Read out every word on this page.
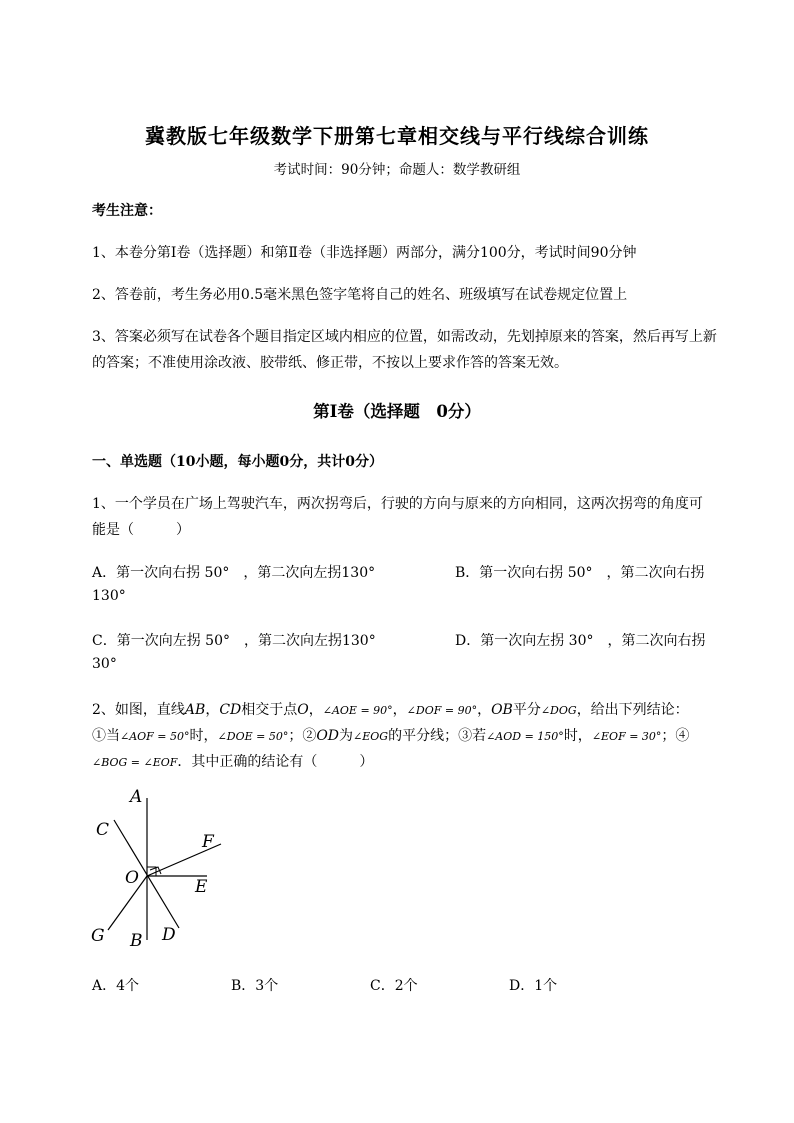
冀教版七年级数学下册第七章相交线与平行线综合训练
考试时间：90分钟；命题人：数学教研组
考生注意：
1、本卷分第Ⅰ卷（选择题）和第Ⅱ卷（非选择题）两部分，满分100分，考试时间90分钟
2、答卷前，考生务必用0.5毫米黑色签字笔将自己的姓名、班级填写在试卷规定位置上
3、答案必须写在试卷各个题目指定区域内相应的位置，如需改动，先划掉原来的答案，然后再写上新
的答案；不准使用涂改液、胶带纸、修正带，不按以上要求作答的答案无效。
第Ⅰ卷（选择题　0分）
一、单选题（10小题，每小题0分，共计0分）
1、一个学员在广场上驾驶汽车，两次拐弯后，行驶的方向与原来的方向相同，这两次拐弯的角度可
能是（　　　）
A．第一次向右拐 50°　，第二次向左拐130°	B．第一次向右拐 50°　，第二次向右拐
130°
C．第一次向左拐 50°　，第二次向左拐130°	D．第一次向左拐 30°　，第二次向右拐
30°
2、如图，直线AB，CD相交于点O，∠AOE = 90°，∠DOF = 90°，OB平分∠DOG，给出下列结论：
①当∠AOF = 50°时，∠DOE = 50°；②OD为∠EOG的平分线；③若∠AOD = 150°时，∠EOF = 30°；④
∠BOG = ∠EOF．其中正确的结论有（　　　）
A
C
F
O	E
G B D
A．4个	B．3个	C．2个	D．1个
